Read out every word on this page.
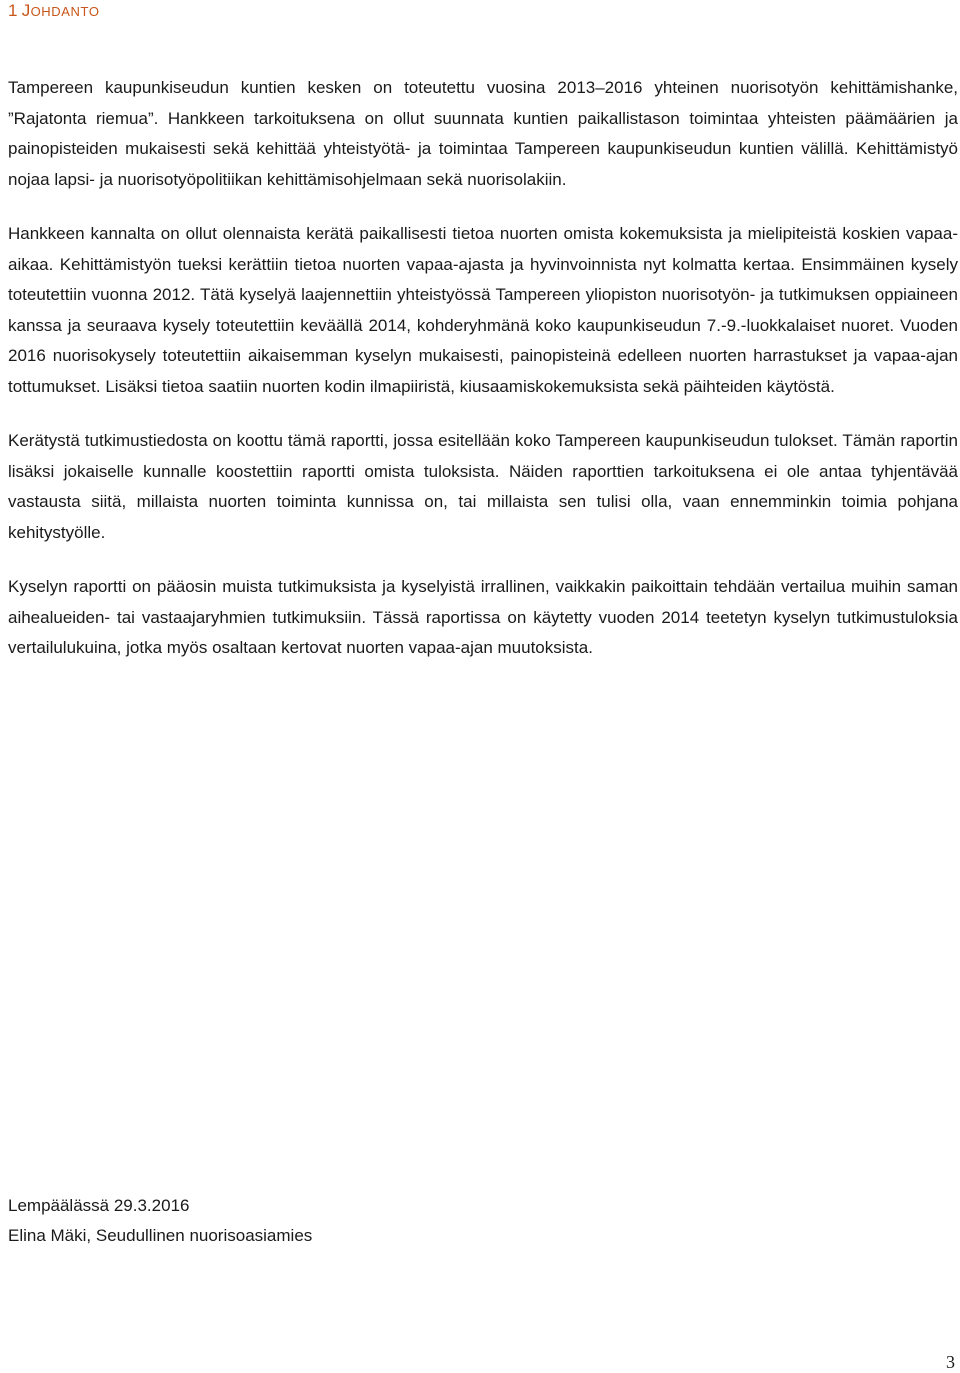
1 JOHDANTO

Tampereen kaupunkiseudun kuntien kesken on toteutettu vuosina 2013–2016 yhteinen nuorisotyön kehittämishanke, ”Rajatonta riemua”. Hankkeen tarkoituksena on ollut suunnata kuntien paikallistason toimintaa yhteisten päämäärien ja painopisteiden mukaisesti sekä kehittää yhteistyötä- ja toimintaa Tampereen kaupunkiseudun kuntien välillä. Kehittämistyö nojaa lapsi- ja nuorisotyöpolitiikan kehittämisohjelmaan sekä nuorisolakiin.

Hankkeen kannalta on ollut olennaista kerätä paikallisesti tietoa nuorten omista kokemuksista ja mielipiteistä koskien vapaa-aikaa. Kehittämistyön tueksi kerättiin tietoa nuorten vapaa-ajasta ja hyvinvoinnista nyt kolmatta kertaa. Ensimmäinen kysely toteutettiin vuonna 2012. Tätä kyselyä laajennettiin yhteistyössä Tampereen yliopiston nuorisotyön- ja tutkimuksen oppiaineen kanssa ja seuraava kysely toteutettiin keväällä 2014, kohderyhmänä koko kaupunkiseudun 7.-9.-luokkalaiset nuoret. Vuoden 2016 nuorisokysely toteutettiin aikaisemman kyselyn mukaisesti, painopisteinä edelleen nuorten harrastukset ja vapaa-ajan tottumukset. Lisäksi tietoa saatiin nuorten kodin ilmapiiristä, kiusaamiskokemuksista sekä päihteiden käytöstä.

Kerätystä tutkimustiedosta on koottu tämä raportti, jossa esitellään koko Tampereen kaupunkiseudun tulokset. Tämän raportin lisäksi jokaiselle kunnalle koostettiin raportti omista tuloksista. Näiden raporttien tarkoituksena ei ole antaa tyhjentävää vastausta siitä, millaista nuorten toiminta kunnissa on, tai millaista sen tulisi olla, vaan ennemminkin toimia pohjana kehitystyölle.

Kyselyn raportti on pääosin muista tutkimuksista ja kyselyistä irrallinen, vaikkakin paikoittain tehdään vertailua muihin saman aihealueiden- tai vastaajaryhmien tutkimuksiin. Tässä raportissa on käytetty vuoden 2014 teetetyn kyselyn tutkimustuloksia vertailulukuina, jotka myös osaltaan kertovat nuorten vapaa-ajan muutoksista.

Lempäälässä 29.3.2016
Elina Mäki, Seudullinen nuorisoasiamies
3
